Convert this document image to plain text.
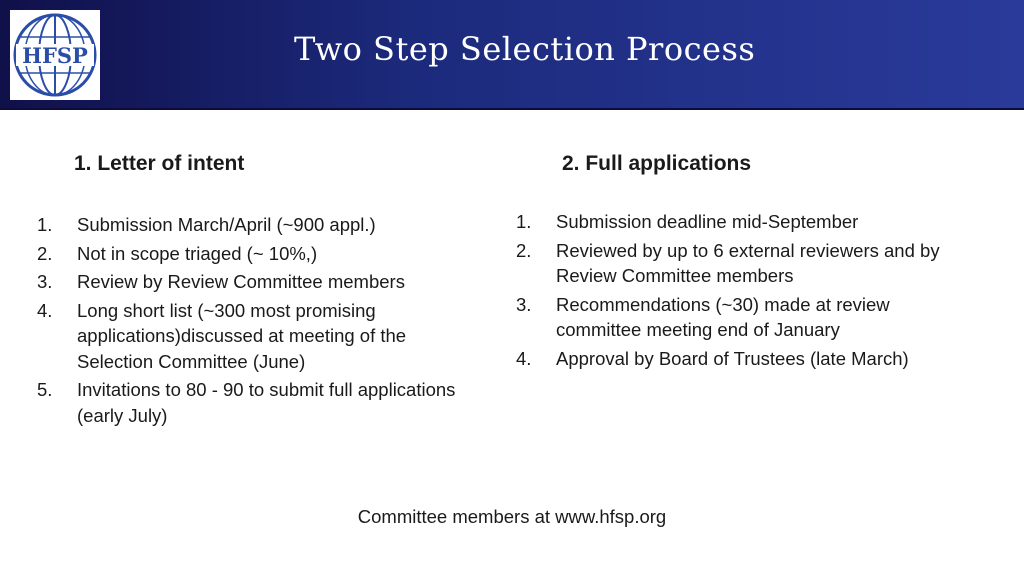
HFSP	Two Step Selection Process
1. Letter of intent	2. Full applications
1. Submission March/April (~900 appl.)
2. Not in scope triaged (~ 10%,)
3. Review by Review Committee members
4. Long short list (~300 most promising applications)discussed at meeting of the Selection Committee (June)
5. Invitations to 80 - 90 to submit full applications (early July)
1. Submission deadline mid-September
2. Reviewed by up to 6 external reviewers and by Review Committee members
3. Recommendations (~30) made at review committee meeting end of January
4. Approval by Board of Trustees (late March)
Committee members at www.hfsp.org
